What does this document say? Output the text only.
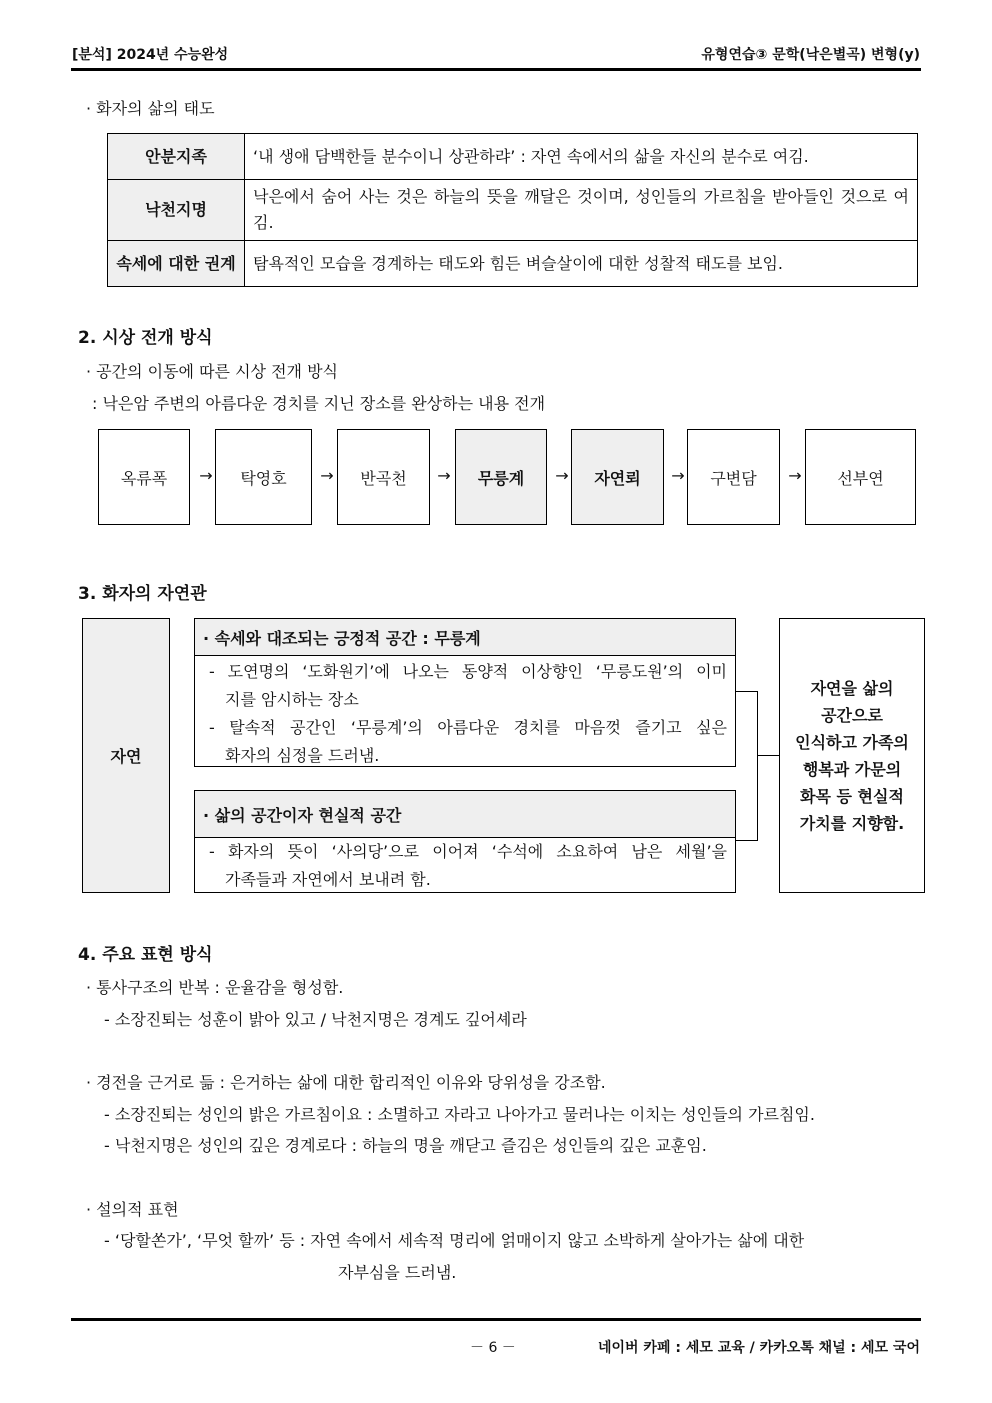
[분석] 2024년 수능완성	유형연습③ 문학(낙은별곡) 변형(y)
· 화자의 삶의 태도
안분지족	‘내 생애 담백한들 분수이니 상관하랴’ : 자연 속에서의 삶을 자신의 분수로 여김.
낙천지명	낙은에서 숨어 사는 것은 하늘의 뜻을 깨달은 것이며, 성인들의 가르침을 받아들인 것으로 여김.
속세에 대한 권계	탐욕적인 모습을 경계하는 태도와 힘든 벼슬살이에 대한 성찰적 태도를 보임.
2. 시상 전개 방식
· 공간의 이동에 따른 시상 전개 방식
: 낙은암 주변의 아름다운 경치를 지닌 장소를 완상하는 내용 전개
옥류폭	→	탁영호	→	반곡천	→	무릉계	→	자연뢰	→	구변담	→	선부연
3. 화자의 자연관
자연
· 속세와 대조되는 긍정적 공간 : 무릉계
- 도연명의 ‘도화원기’에 나오는 동양적 이상향인 ‘무릉도원’의 이미
지를 암시하는 장소
- 탈속적 공간인 ‘무릉계’의 아름다운 경치를 마음껏 즐기고 싶은
화자의 심정을 드러냄.
· 삶의 공간이자 현실적 공간
- 화자의 뜻이 ‘사의당’으로 이어져 ‘수석에 소요하여 남은 세월’을
가족들과 자연에서 보내려 함.
자연을 삶의
공간으로
인식하고 가족의
행복과 가문의
화목 등 현실적
가치를 지향함.
4. 주요 표현 방식
· 통사구조의 반복 : 운율감을 형성함.
- 소장진퇴는 성훈이 밝아 있고 / 낙천지명은 경계도 깊어셰라
· 경전을 근거로 듦 : 은거하는 삶에 대한 합리적인 이유와 당위성을 강조함.
- 소장진퇴는 성인의 밝은 가르침이요 : 소멸하고 자라고 나아가고 물러나는 이치는 성인들의 가르침임.
- 낙천지명은 성인의 깊은 경계로다 : 하늘의 명을 깨닫고 즐김은 성인들의 깊은 교훈임.
· 설의적 표현
- ‘당할쏜가’, ‘무엇 할까’ 등 : 자연 속에서 세속적 명리에 얽매이지 않고 소박하게 살아가는 삶에 대한
자부심을 드러냄.
－ 6 －	네이버 카페 : 세모 교육 / 카카오톡 채널 : 세모 국어
